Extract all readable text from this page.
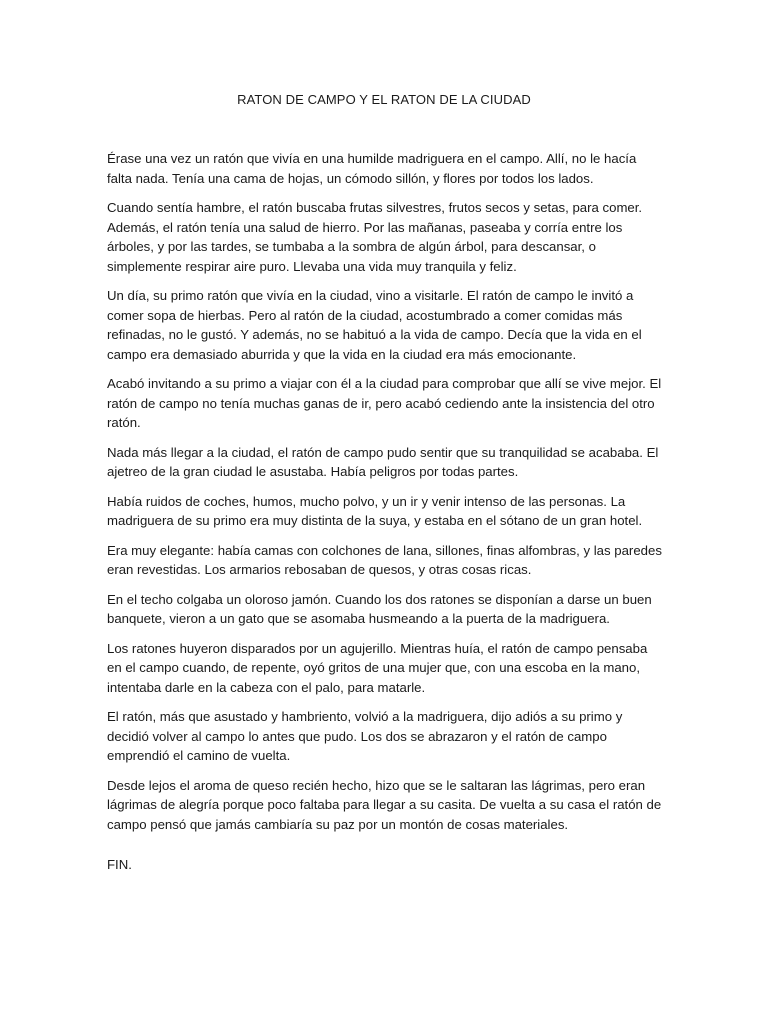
RATON DE CAMPO Y EL RATON DE LA CIUDAD

Érase una vez un ratón que vivía en una humilde madriguera en el campo. Allí, no le hacía falta nada. Tenía una cama de hojas, un cómodo sillón, y flores por todos los lados.

Cuando sentía hambre, el ratón buscaba frutas silvestres, frutos secos y setas, para comer. Además, el ratón tenía una salud de hierro. Por las mañanas, paseaba y corría entre los árboles, y por las tardes, se tumbaba a la sombra de algún árbol, para descansar, o simplemente respirar aire puro. Llevaba una vida muy tranquila y feliz.

Un día, su primo ratón que vivía en la ciudad, vino a visitarle. El ratón de campo le invitó a comer sopa de hierbas. Pero al ratón de la ciudad, acostumbrado a comer comidas más refinadas, no le gustó. Y además, no se habituó a la vida de campo. Decía que la vida en el campo era demasiado aburrida y que la vida en la ciudad era más emocionante.

Acabó invitando a su primo a viajar con él a la ciudad para comprobar que allí se vive mejor. El ratón de campo no tenía muchas ganas de ir, pero acabó cediendo ante la insistencia del otro ratón.

Nada más llegar a la ciudad, el ratón de campo pudo sentir que su tranquilidad se acababa. El ajetreo de la gran ciudad le asustaba. Había peligros por todas partes.

Había ruidos de coches, humos, mucho polvo, y un ir y venir intenso de las personas. La madriguera de su primo era muy distinta de la suya, y estaba en el sótano de un gran hotel.

Era muy elegante: había camas con colchones de lana, sillones, finas alfombras, y las paredes eran revestidas. Los armarios rebosaban de quesos, y otras cosas ricas.

En el techo colgaba un oloroso jamón. Cuando los dos ratones se disponían a darse un buen banquete, vieron a un gato que se asomaba husmeando a la puerta de la madriguera.

Los ratones huyeron disparados por un agujerillo. Mientras huía, el ratón de campo pensaba en el campo cuando, de repente, oyó gritos de una mujer que, con una escoba en la mano, intentaba darle en la cabeza con el palo, para matarle.

El ratón, más que asustado y hambriento, volvió a la madriguera, dijo adiós a su primo y decidió volver al campo lo antes que pudo. Los dos se abrazaron y el ratón de campo emprendió el camino de vuelta.

Desde lejos el aroma de queso recién hecho, hizo que se le saltaran las lágrimas, pero eran lágrimas de alegría porque poco faltaba para llegar a su casita. De vuelta a su casa el ratón de campo pensó que jamás cambiaría su paz por un montón de cosas materiales.

FIN.
